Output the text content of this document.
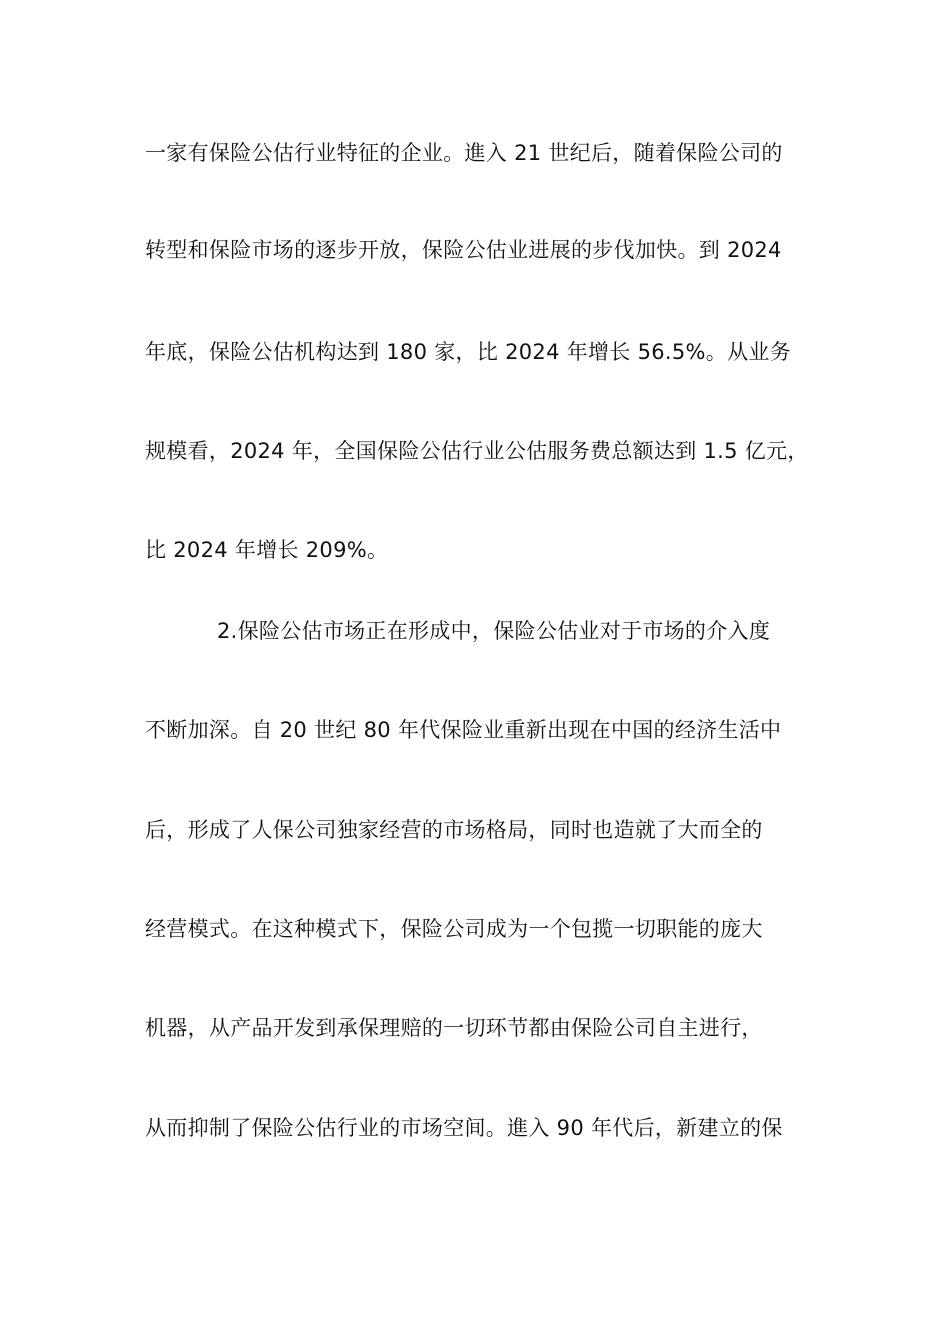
一家有保险公估行业特征的企业。進入 21 世纪后，随着保险公司的
转型和保险市场的逐步开放，保险公估业进展的步伐加快。到 2024
年底，保险公估机构达到 180 家，比 2024 年增长 56.5%。从业务
规模看，2024 年，全国保险公估行业公估服务费总额达到 1.5 亿元，
比 2024 年增长 209%。
2.保险公估市场正在形成中，保险公估业对于市场的介入度
不断加深。自 20 世纪 80 年代保险业重新出现在中国的经济生活中
后，形成了人保公司独家经营的市场格局，同时也造就了大而全的
经营模式。在这种模式下，保险公司成为一个包揽一切职能的庞大
机器，从产品开发到承保理赔的一切环节都由保险公司自主进行，
从而抑制了保险公估行业的市场空间。進入 90 年代后，新建立的保
